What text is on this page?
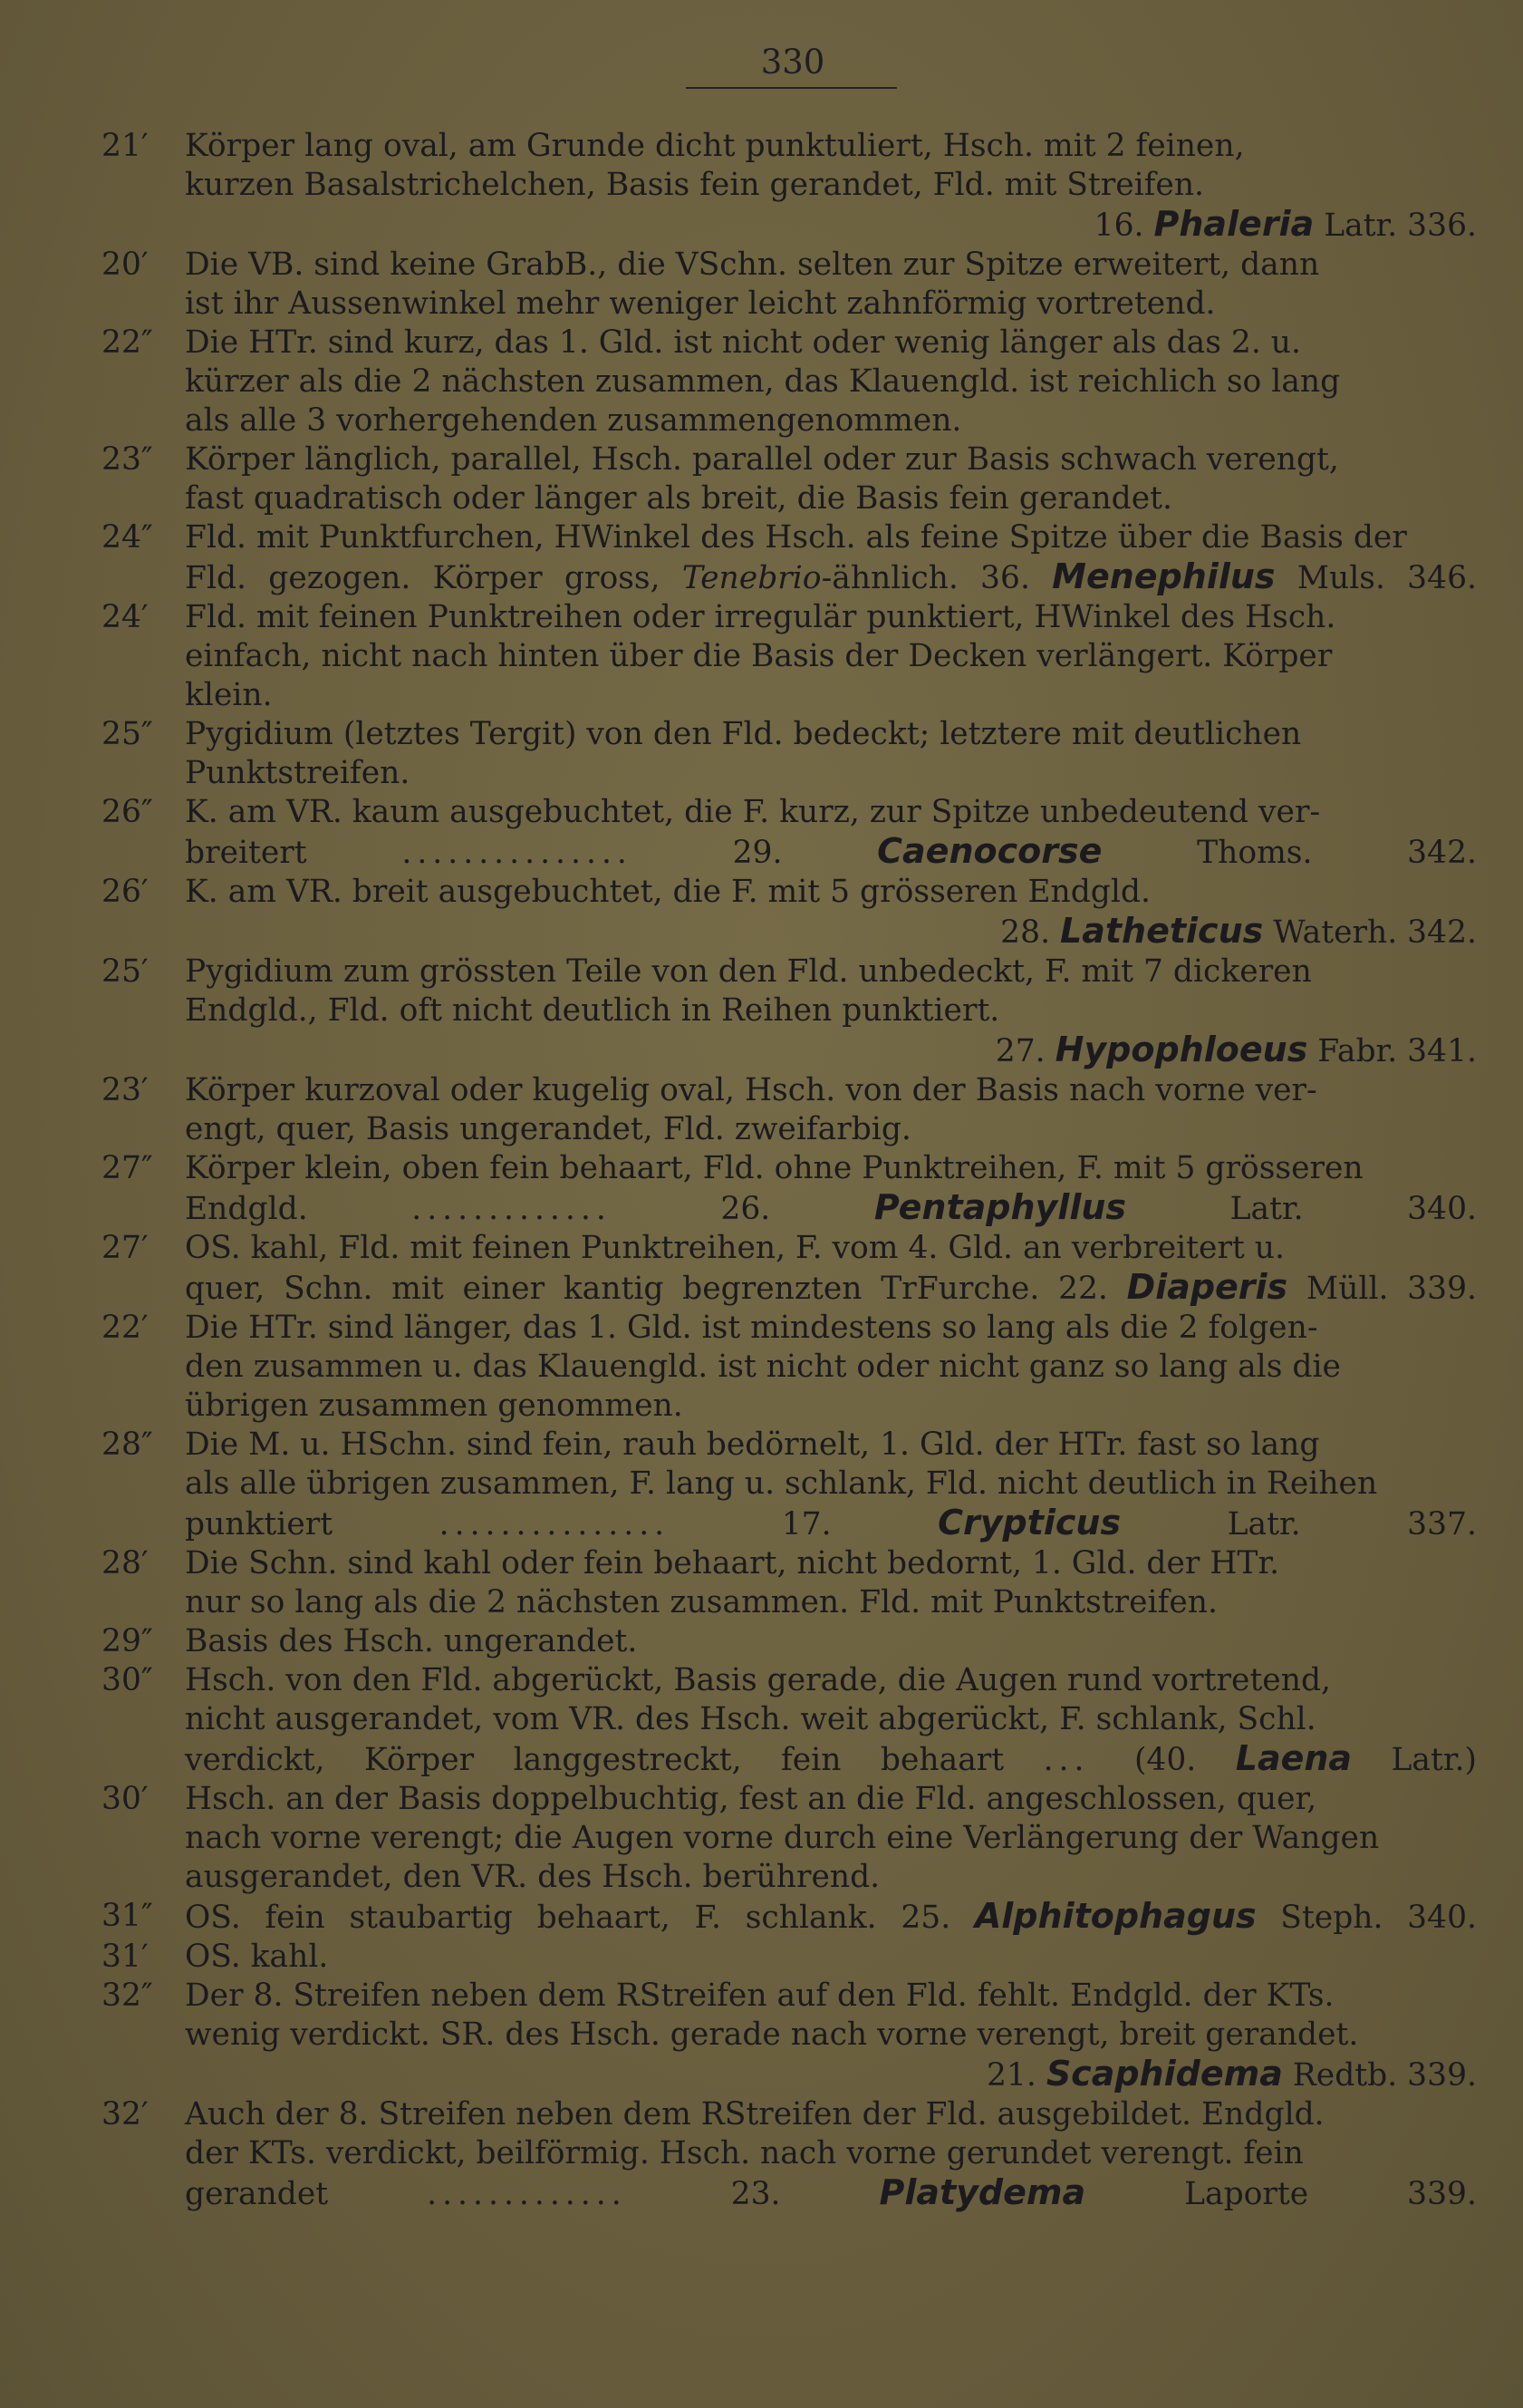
330
21′	Körper lang oval, am Grunde dicht punktuliert, Hsch. mit 2 feinen,
kurzen Basalstrichelchen, Basis fein gerandet, Fld. mit Streifen.
16. Phaleria Latr. 336.
20′	Die VB. sind keine GrabB., die VSchn. selten zur Spitze erweitert, dann
ist ihr Aussenwinkel mehr weniger leicht zahnförmig vortretend.
22″	Die HTr. sind kurz, das 1. Gld. ist nicht oder wenig länger als das 2. u.
kürzer als die 2 nächsten zusammen, das Klauengld. ist reichlich so lang
als alle 3 vorhergehenden zusammengenommen.
23″	Körper länglich, parallel, Hsch. parallel oder zur Basis schwach verengt,
fast quadratisch oder länger als breit, die Basis fein gerandet.
24″	Fld. mit Punktfurchen, HWinkel des Hsch. als feine Spitze über die Basis der
Fld. gezogen. Körper gross, Tenebrio-ähnlich. 36. Menephilus Muls. 346.
24′	Fld. mit feinen Punktreihen oder irregulär punktiert, HWinkel des Hsch.
einfach, nicht nach hinten über die Basis der Decken verlängert. Körper
klein.
25″	Pygidium (letztes Tergit) von den Fld. bedeckt; letztere mit deutlichen
Punktstreifen.
26″	K. am VR. kaum ausgebuchtet, die F. kurz, zur Spitze unbedeutend ver-
breitert ............... 29. Caenocorse Thoms. 342.
26′	K. am VR. breit ausgebuchtet, die F. mit 5 grösseren Endgld.
28. Latheticus Waterh. 342.
25′	Pygidium zum grössten Teile von den Fld. unbedeckt, F. mit 7 dickeren
Endgld., Fld. oft nicht deutlich in Reihen punktiert.
27. Hypophloeus Fabr. 341.
23′	Körper kurzoval oder kugelig oval, Hsch. von der Basis nach vorne ver-
engt, quer, Basis ungerandet, Fld. zweifarbig.
27″	Körper klein, oben fein behaart, Fld. ohne Punktreihen, F. mit 5 grösseren
Endgld. ............. 26. Pentaphyllus Latr. 340.
27′	OS. kahl, Fld. mit feinen Punktreihen, F. vom 4. Gld. an verbreitert u.
quer, Schn. mit einer kantig begrenzten TrFurche. 22. Diaperis Müll. 339.
22′	Die HTr. sind länger, das 1. Gld. ist mindestens so lang als die 2 folgen-
den zusammen u. das Klauengld. ist nicht oder nicht ganz so lang als die
übrigen zusammen genommen.
28″	Die M. u. HSchn. sind fein, rauh bedörnelt, 1. Gld. der HTr. fast so lang
als alle übrigen zusammen, F. lang u. schlank, Fld. nicht deutlich in Reihen
punktiert ............... 17. Crypticus Latr. 337.
28′	Die Schn. sind kahl oder fein behaart, nicht bedornt, 1. Gld. der HTr.
nur so lang als die 2 nächsten zusammen. Fld. mit Punktstreifen.
29″	Basis des Hsch. ungerandet.
30″	Hsch. von den Fld. abgerückt, Basis gerade, die Augen rund vortretend,
nicht ausgerandet, vom VR. des Hsch. weit abgerückt, F. schlank, Schl.
verdickt, Körper langgestreckt, fein behaart ... (40. Laena Latr.)
30′	Hsch. an der Basis doppelbuchtig, fest an die Fld. angeschlossen, quer,
nach vorne verengt; die Augen vorne durch eine Verlängerung der Wangen
ausgerandet, den VR. des Hsch. berührend.
31″	OS. fein staubartig behaart, F. schlank. 25. Alphitophagus Steph. 340.
31′	OS. kahl.
32″	Der 8. Streifen neben dem RStreifen auf den Fld. fehlt. Endgld. der KTs.
wenig verdickt. SR. des Hsch. gerade nach vorne verengt, breit gerandet.
21. Scaphidema Redtb. 339.
32′	Auch der 8. Streifen neben dem RStreifen der Fld. ausgebildet. Endgld.
der KTs. verdickt, beilförmig. Hsch. nach vorne gerundet verengt. fein
gerandet ............. 23. Platydema Laporte 339.
